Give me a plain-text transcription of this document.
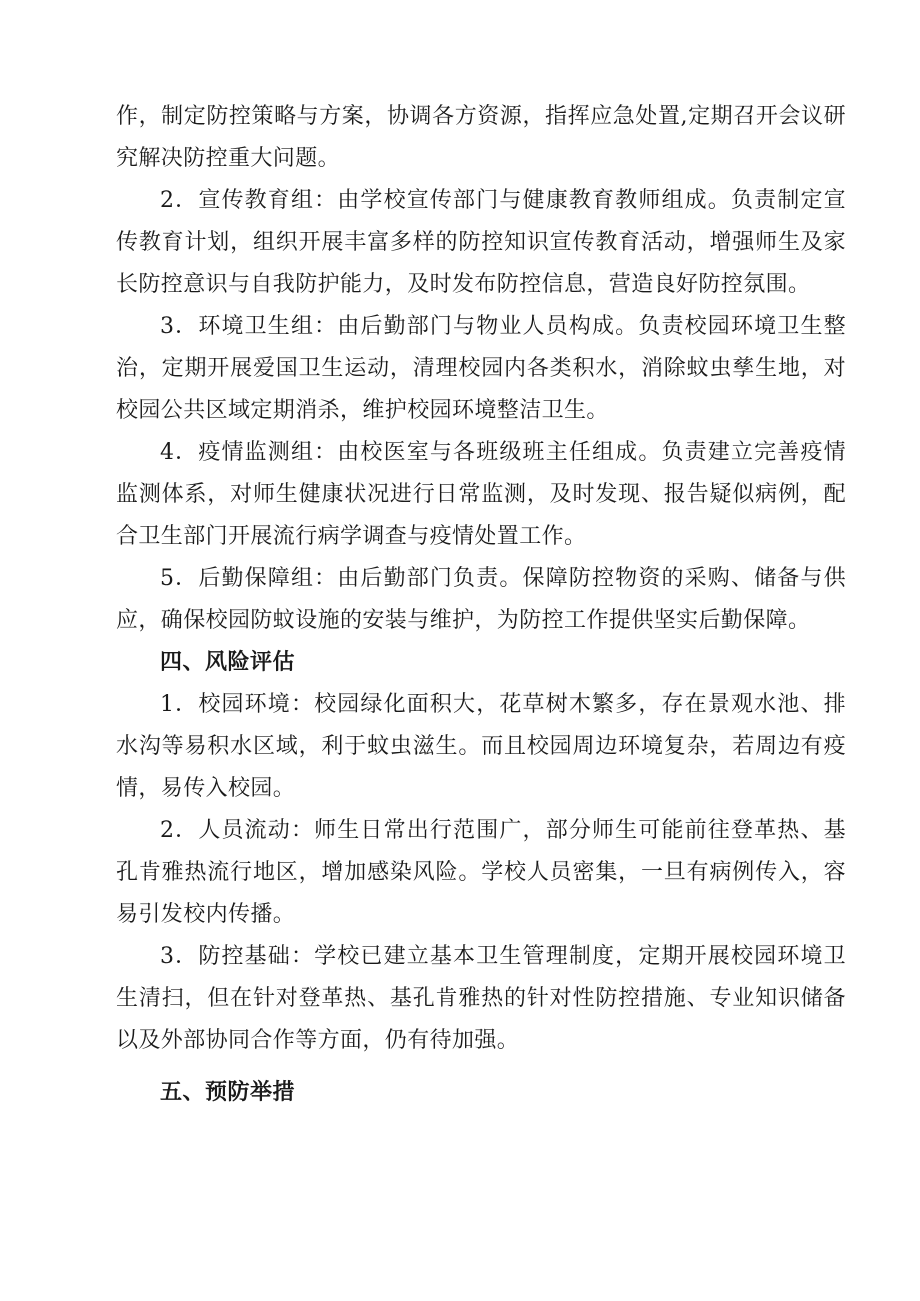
作，制定防控策略与方案，协调各方资源，指挥应急处置,定期召开会议研究解决防控重大问题。

2．宣传教育组：由学校宣传部门与健康教育教师组成。负责制定宣传教育计划，组织开展丰富多样的防控知识宣传教育活动，增强师生及家长防控意识与自我防护能力，及时发布防控信息，营造良好防控氛围。

3．环境卫生组：由后勤部门与物业人员构成。负责校园环境卫生整治，定期开展爱国卫生运动，清理校园内各类积水，消除蚊虫孳生地，对校园公共区域定期消杀，维护校园环境整洁卫生。

4．疫情监测组：由校医室与各班级班主任组成。负责建立完善疫情监测体系，对师生健康状况进行日常监测，及时发现、报告疑似病例，配合卫生部门开展流行病学调查与疫情处置工作。

5．后勤保障组：由后勤部门负责。保障防控物资的采购、储备与供应，确保校园防蚊设施的安装与维护，为防控工作提供坚实后勤保障。

四、风险评估

1．校园环境：校园绿化面积大，花草树木繁多，存在景观水池、排水沟等易积水区域，利于蚊虫滋生。而且校园周边环境复杂，若周边有疫情，易传入校园。

2．人员流动：师生日常出行范围广，部分师生可能前往登革热、基孔肯雅热流行地区，增加感染风险。学校人员密集，一旦有病例传入，容易引发校内传播。

3．防控基础：学校已建立基本卫生管理制度，定期开展校园环境卫生清扫，但在针对登革热、基孔肯雅热的针对性防控措施、专业知识储备以及外部协同合作等方面，仍有待加强。

五、预防举措
